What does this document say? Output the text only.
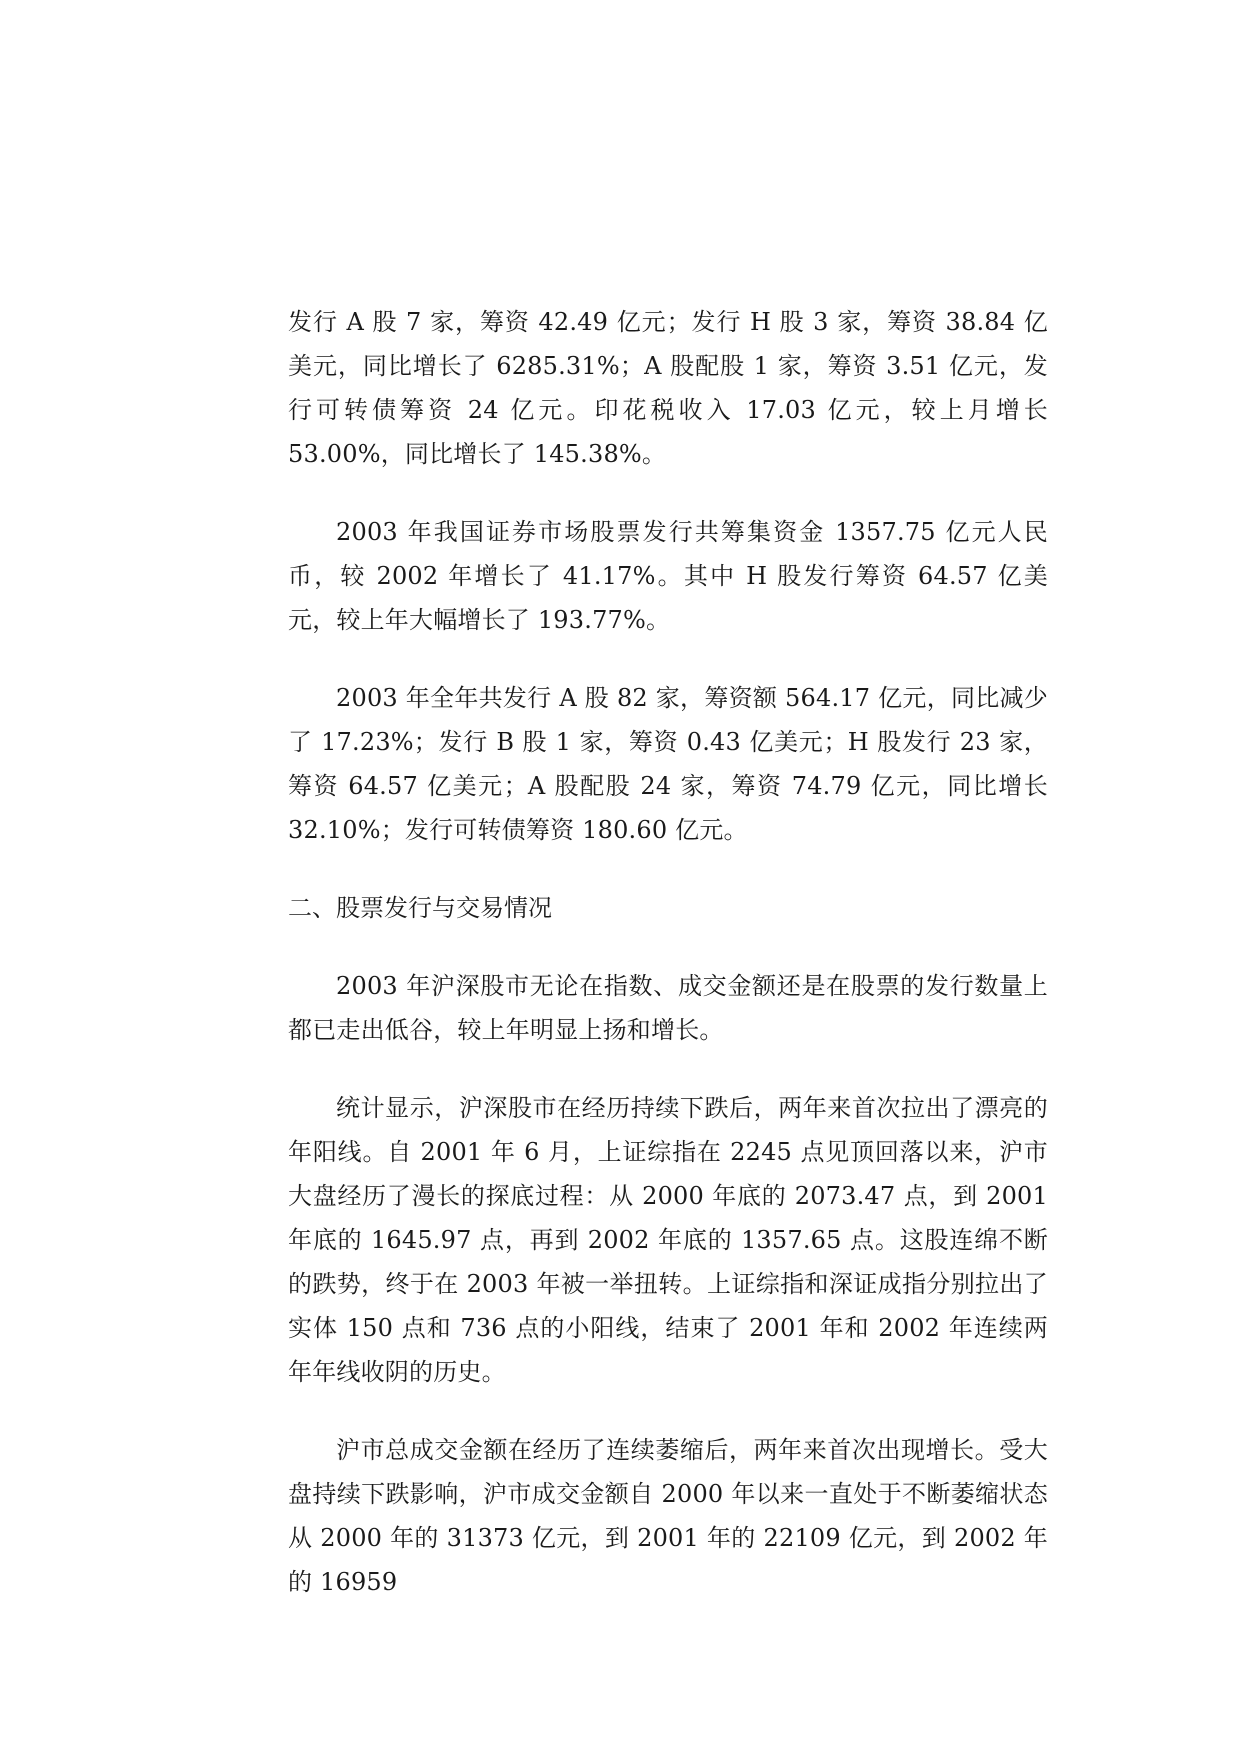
发行 A 股 7 家，筹资 42.49 亿元；发行 H 股 3 家，筹资 38.84 亿美元，同比增长了 6285.31%；A 股配股 1 家，筹资 3.51 亿元，发行可转债筹资 24 亿元。印花税收入 17.03 亿元，较上月增长 53.00%，同比增长了 145.38%。

2003 年我国证券市场股票发行共筹集资金 1357.75 亿元人民币，较 2002 年增长了 41.17%。其中 H 股发行筹资 64.57 亿美元，较上年大幅增长了 193.77%。

2003 年全年共发行 A 股 82 家，筹资额 564.17 亿元，同比减少了 17.23%；发行 B 股 1 家，筹资 0.43 亿美元；H 股发行 23 家，筹资 64.57 亿美元；A 股配股 24 家，筹资 74.79 亿元，同比增长 32.10%；发行可转债筹资 180.60 亿元。

二、股票发行与交易情况

2003 年沪深股市无论在指数、成交金额还是在股票的发行数量上都已走出低谷，较上年明显上扬和增长。

统计显示，沪深股市在经历持续下跌后，两年来首次拉出了漂亮的年阳线。自 2001 年 6 月，上证综指在 2245 点见顶回落以来，沪市大盘经历了漫长的探底过程：从 2000 年底的 2073.47 点，到 2001 年底的 1645.97 点，再到 2002 年底的 1357.65 点。这股连绵不断的跌势，终于在 2003 年被一举扭转。上证综指和深证成指分别拉出了实体 150 点和 736 点的小阳线，结束了 2001 年和 2002 年连续两年年线收阴的历史。

沪市总成交金额在经历了连续萎缩后，两年来首次出现增长。受大盘持续下跌影响，沪市成交金额自 2000 年以来一直处于不断萎缩状态从 2000 年的 31373 亿元，到 2001 年的 22109 亿元，到 2002 年的 16959
